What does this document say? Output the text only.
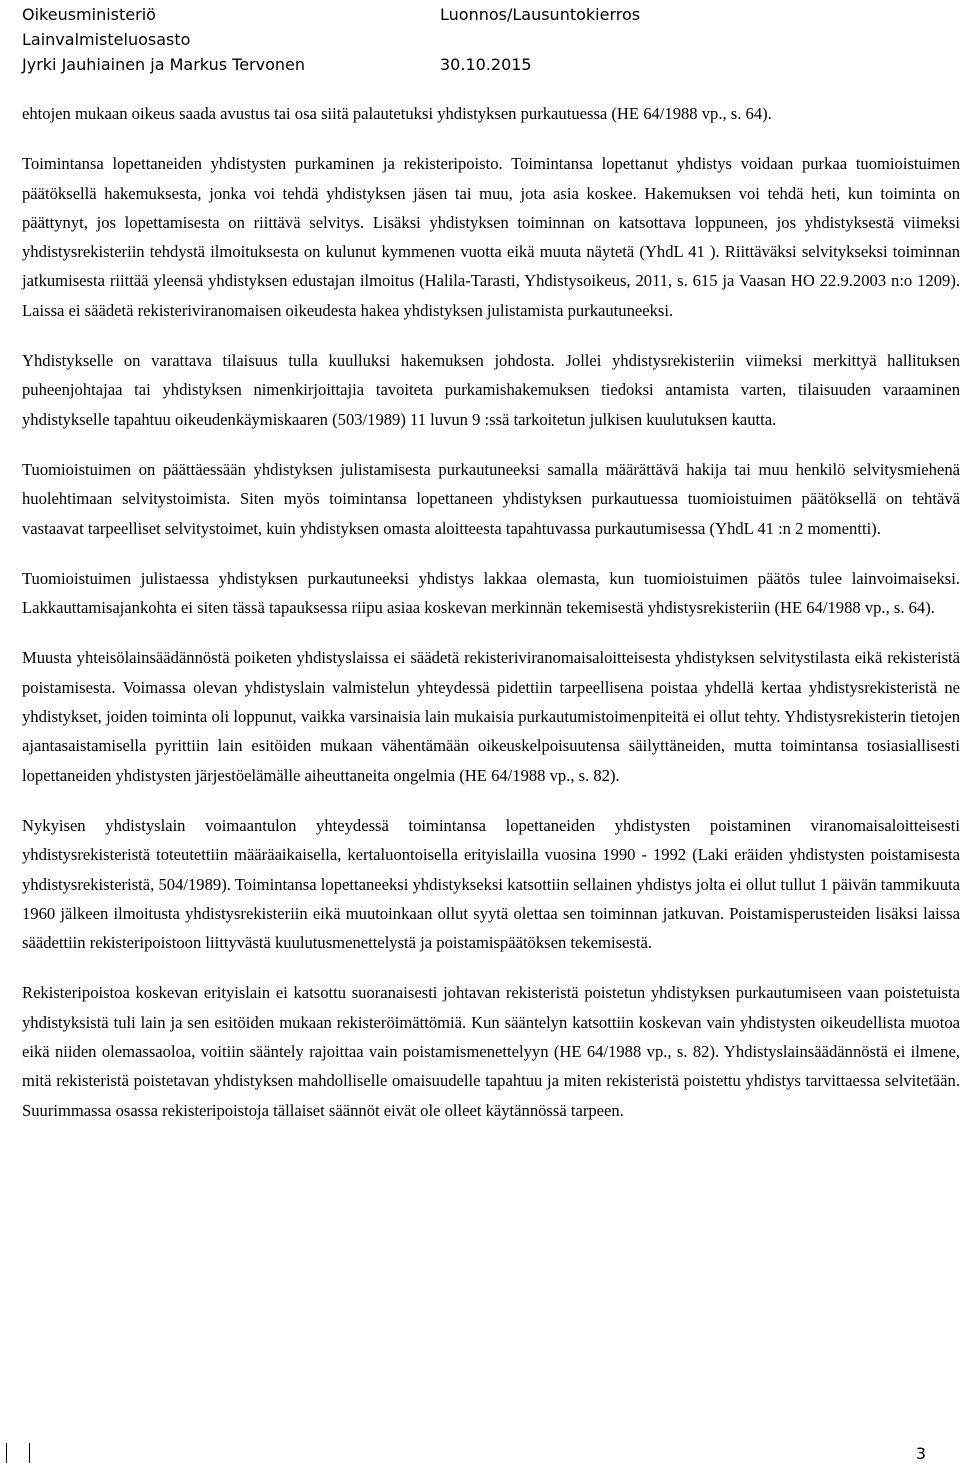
Oikeusministeriö	Luonnos/Lausuntokierros
Lainvalmisteluosasto
Jyrki Jauhiainen ja Markus Tervonen	30.10.2015

ehtojen mukaan oikeus saada avustus tai osa siitä palautetuksi yhdistyksen purkautuessa (HE 64/1988 vp., s. 64).

Toimintansa lopettaneiden yhdistysten purkaminen ja rekisteripoisto. Toimintansa lopettanut yhdistys voidaan purkaa tuomioistuimen päätöksellä hakemuksesta, jonka voi tehdä yhdistyksen jäsen tai muu, jota asia koskee. Hakemuksen voi tehdä heti, kun toiminta on päättynyt, jos lopettamisesta on riittävä selvitys. Lisäksi yhdistyksen toiminnan on katsottava loppuneen, jos yhdistyksestä viimeksi yhdistysrekisteriin tehdystä ilmoituksesta on kulunut kymmenen vuotta eikä muuta näytetä (YhdL 41 ). Riittäväksi selvitykseksi toiminnan jatkumisesta riittää yleensä yhdistyksen edustajan ilmoitus (Halila-Tarasti, Yhdistysoikeus, 2011, s. 615 ja Vaasan HO 22.9.2003 n:o 1209). Laissa ei säädetä rekisteriviranomaisen oikeudesta hakea yhdistyksen julistamista purkautuneeksi.

Yhdistykselle on varattava tilaisuus tulla kuulluksi hakemuksen johdosta. Jollei yhdistysrekisteriin viimeksi merkittyä hallituksen puheenjohtajaa tai yhdistyksen nimenkirjoittajia tavoiteta purkamishakemuksen tiedoksi antamista varten, tilaisuuden varaaminen yhdistykselle tapahtuu oikeudenkäymiskaaren (503/1989) 11 luvun 9 :ssä tarkoitetun julkisen kuulutuksen kautta.

Tuomioistuimen on päättäessään yhdistyksen julistamisesta purkautuneeksi samalla määrättävä hakija tai muu henkilö selvitysmiehenä huolehtimaan selvitystoimista. Siten myös toimintansa lopettaneen yhdistyksen purkautuessa tuomioistuimen päätöksellä on tehtävä vastaavat tarpeelliset selvitystoimet, kuin yhdistyksen omasta aloitteesta tapahtuvassa purkautumisessa (YhdL 41 :n 2 momentti).

Tuomioistuimen julistaessa yhdistyksen purkautuneeksi yhdistys lakkaa olemasta, kun tuomioistuimen päätös tulee lainvoimaiseksi. Lakkauttamisajankohta ei siten tässä tapauksessa riipu asiaa koskevan merkinnän tekemisestä yhdistysrekisteriin (HE 64/1988 vp., s. 64).

Muusta yhteisölainsäädännöstä poiketen yhdistyslaissa ei säädetä rekisteriviranomaisaloitteisesta yhdistyksen selvitystilasta eikä rekisteristä poistamisesta. Voimassa olevan yhdistyslain valmistelun yhteydessä pidettiin tarpeellisena poistaa yhdellä kertaa yhdistysrekisteristä ne yhdistykset, joiden toiminta oli loppunut, vaikka varsinaisia lain mukaisia purkautumistoimenpiteitä ei ollut tehty. Yhdistysrekisterin tietojen ajantasaistamisella pyrittiin lain esitöiden mukaan vähentämään oikeuskelpoisuutensa säilyttäneiden, mutta toimintansa tosiasiallisesti lopettaneiden yhdistysten järjestöelämälle aiheuttaneita ongelmia (HE 64/1988 vp., s. 82).

Nykyisen yhdistyslain voimaantulon yhteydessä toimintansa lopettaneiden yhdistysten poistaminen viranomaisaloitteisesti yhdistysrekisteristä toteutettiin määräaikaisella, kertaluontoisella erityislailla vuosina 1990 - 1992 (Laki eräiden yhdistysten poistamisesta yhdistysrekisteristä, 504/1989). Toimintansa lopettaneeksi yhdistykseksi katsottiin sellainen yhdistys jolta ei ollut tullut 1 päivän tammikuuta 1960 jälkeen ilmoitusta yhdistysrekisteriin eikä muutoinkaan ollut syytä olettaa sen toiminnan jatkuvan. Poistamisperusteiden lisäksi laissa säädettiin rekisteripoistoon liittyvästä kuulutusmenettelystä ja poistamispäätöksen tekemisestä.

Rekisteripoistoa koskevan erityislain ei katsottu suoranaisesti johtavan rekisteristä poistetun yhdistyksen purkautumiseen vaan poistetuista yhdistyksistä tuli lain ja sen esitöiden mukaan rekisteröimättömiä. Kun sääntelyn katsottiin koskevan vain yhdistysten oikeudellista muotoa eikä niiden olemassaoloa, voitiin sääntely rajoittaa vain poistamismenettelyyn (HE 64/1988 vp., s. 82). Yhdistyslainsäädännöstä ei ilmene, mitä rekisteristä poistetavan yhdistyksen mahdolliselle omaisuudelle tapahtuu ja miten rekisteristä poistettu yhdistys tarvittaessa selvitetään. Suurimmassa osassa rekisteripoistoja tällaiset säännöt eivät ole olleet käytännössä tarpeen.

3
